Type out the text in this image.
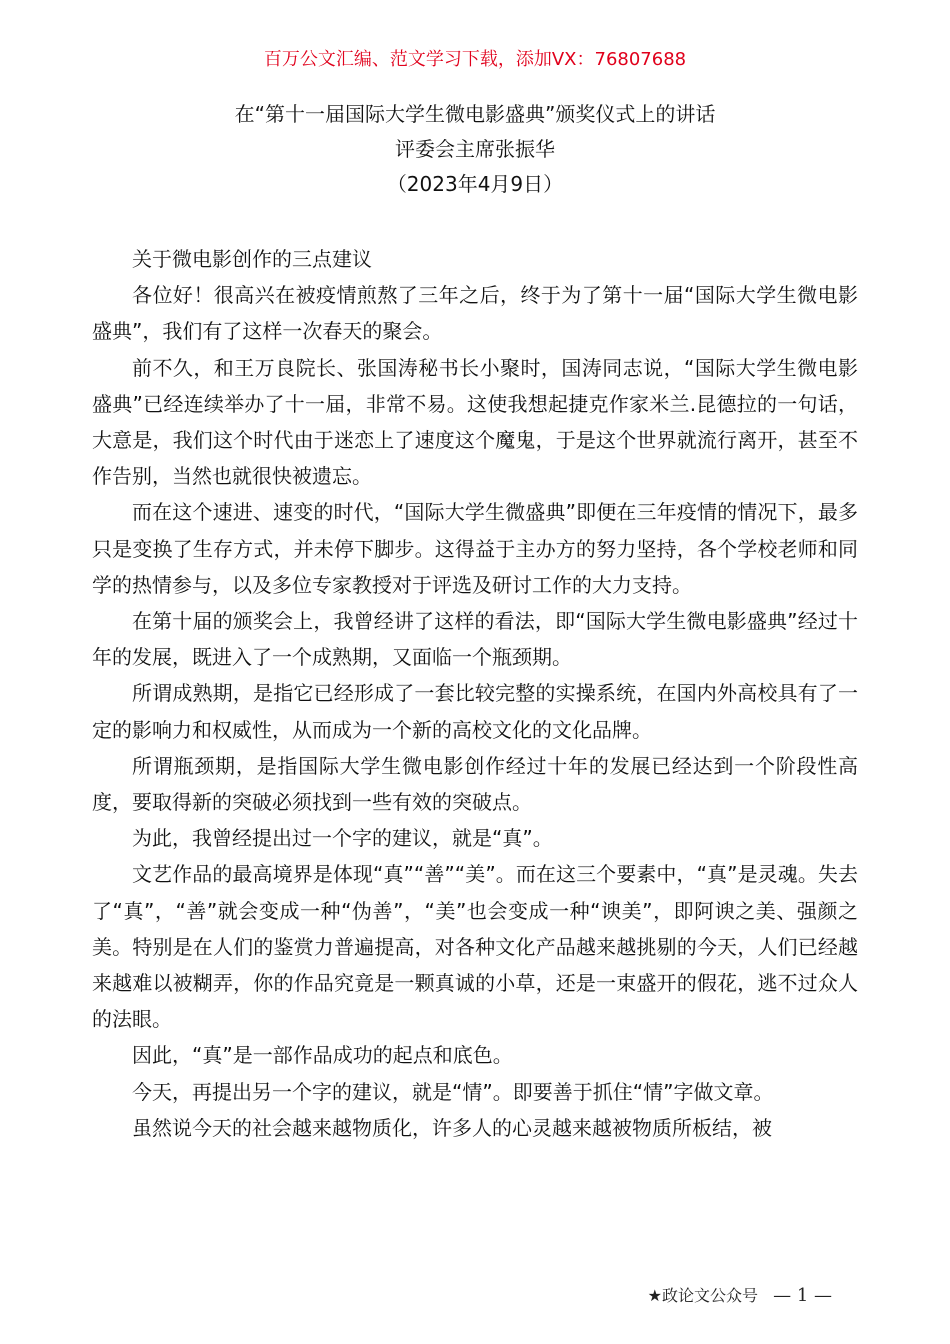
百万公文汇编、范文学习下载，添加VX：76807688
在“第十一届国际大学生微电影盛典”颁奖仪式上的讲话
评委会主席张振华
（2023年4月9日）

关于微电影创作的三点建议

各位好！很高兴在被疫情煎熬了三年之后，终于为了第十一届“国际大学生微电影盛典”，我们有了这样一次春天的聚会。

前不久，和王万良院长、张国涛秘书长小聚时，国涛同志说，“国际大学生微电影盛典”已经连续举办了十一届，非常不易。这使我想起捷克作家米兰.昆德拉的一句话，大意是，我们这个时代由于迷恋上了速度这个魔鬼，于是这个世界就流行离开，甚至不作告别，当然也就很快被遗忘。

而在这个速进、速变的时代，“国际大学生微盛典”即便在三年疫情的情况下，最多只是变换了生存方式，并未停下脚步。这得益于主办方的努力坚持，各个学校老师和同学的热情参与，以及多位专家教授对于评选及研讨工作的大力支持。

在第十届的颁奖会上，我曾经讲了这样的看法，即“国际大学生微电影盛典”经过十年的发展，既进入了一个成熟期，又面临一个瓶颈期。

所谓成熟期，是指它已经形成了一套比较完整的实操系统，在国内外高校具有了一定的影响力和权威性，从而成为一个新的高校文化的文化品牌。

所谓瓶颈期，是指国际大学生微电影创作经过十年的发展已经达到一个阶段性高度，要取得新的突破必须找到一些有效的突破点。

为此，我曾经提出过一个字的建议，就是“真”。

文艺作品的最高境界是体现“真”“善”“美”。而在这三个要素中，“真”是灵魂。失去了“真”，“善”就会变成一种“伪善”，“美”也会变成一种“谀美”，即阿谀之美、强颜之美。特别是在人们的鉴赏力普遍提高，对各种文化产品越来越挑剔的今天，人们已经越来越难以被糊弄，你的作品究竟是一颗真诚的小草，还是一束盛开的假花，逃不过众人的法眼。

因此，“真”是一部作品成功的起点和底色。

今天，再提出另一个字的建议，就是“情”。即要善于抓住“情”字做文章。

虽然说今天的社会越来越物质化，许多人的心灵越来越被物质所板结，被

★政论文公众号 — 1 —
